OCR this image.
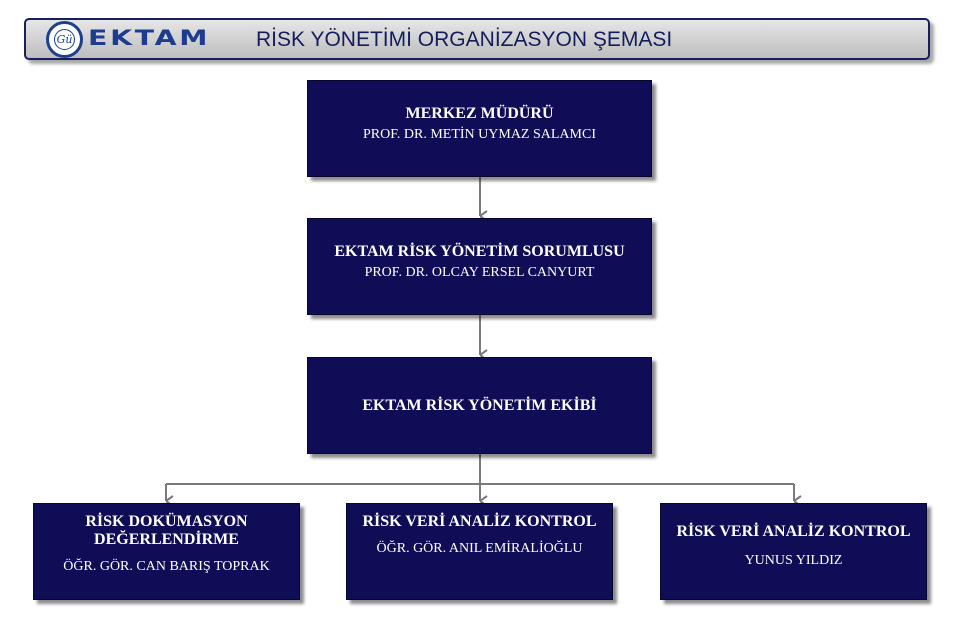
Gü EKTAM RİSK YÖNETİMİ ORGANİZASYON ŞEMASI
MERKEZ MÜDÜRÜ
PROF. DR. METİN UYMAZ SALAMCI
EKTAM RİSK YÖNETİM SORUMLUSU
PROF. DR. OLCAY ERSEL CANYURT
EKTAM RİSK YÖNETİM EKİBİ
RİSK DOKÜMASYON DEĞERLENDİRME
ÖĞR. GÖR. CAN BARIŞ TOPRAK
RİSK VERİ ANALİZ KONTROL
ÖĞR. GÖR. ANIL EMİRALİOĞLU
RİSK VERİ ANALİZ KONTROL
YUNUS YILDIZ
